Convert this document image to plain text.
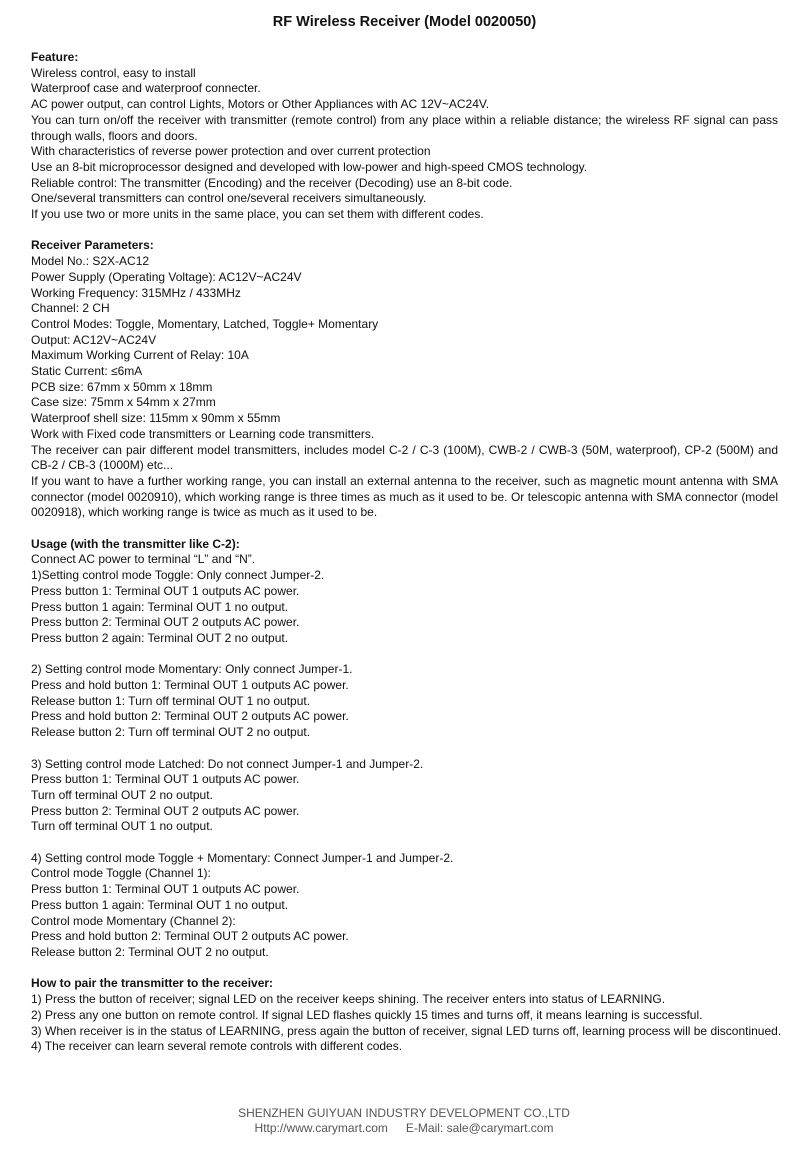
RF Wireless Receiver (Model 0020050)
Feature:
Wireless control, easy to install
Waterproof case and waterproof connecter.
AC power output, can control Lights, Motors or Other Appliances with AC 12V~AC24V.
You can turn on/off the receiver with transmitter (remote control) from any place within a reliable distance; the wireless RF signal can pass through walls, floors and doors.
With characteristics of reverse power protection and over current protection
Use an 8-bit microprocessor designed and developed with low-power and high-speed CMOS technology.
Reliable control: The transmitter (Encoding) and the receiver (Decoding) use an 8-bit code.
One/several transmitters can control one/several receivers simultaneously.
If you use two or more units in the same place, you can set them with different codes.
Receiver Parameters:
Model No.: S2X-AC12
Power Supply (Operating Voltage): AC12V~AC24V
Working Frequency: 315MHz / 433MHz
Channel: 2 CH
Control Modes: Toggle, Momentary, Latched, Toggle+ Momentary
Output: AC12V~AC24V
Maximum Working Current of Relay: 10A
Static Current: ≤6mA
PCB size: 67mm x 50mm x 18mm
Case size: 75mm x 54mm x 27mm
Waterproof shell size: 115mm x 90mm x 55mm
Work with Fixed code transmitters or Learning code transmitters.
The receiver can pair different model transmitters, includes model C-2 / C-3 (100M), CWB-2 / CWB-3 (50M, waterproof), CP-2 (500M) and CB-2 / CB-3 (1000M) etc...
If you want to have a further working range, you can install an external antenna to the receiver, such as magnetic mount antenna with SMA connector (model 0020910), which working range is three times as much as it used to be. Or telescopic antenna with SMA connector (model 0020918), which working range is twice as much as it used to be.
Usage (with the transmitter like C-2):
Connect AC power to terminal “L” and “N”.
1)Setting control mode Toggle: Only connect Jumper-2.
Press button 1: Terminal OUT 1 outputs AC power.
Press button 1 again: Terminal OUT 1 no output.
Press button 2: Terminal OUT 2 outputs AC power.
Press button 2 again: Terminal OUT 2 no output.
2) Setting control mode Momentary: Only connect Jumper-1.
Press and hold button 1: Terminal OUT 1 outputs AC power.
Release button 1: Turn off terminal OUT 1 no output.
Press and hold button 2: Terminal OUT 2 outputs AC power.
Release button 2: Turn off terminal OUT 2 no output.
3) Setting control mode Latched: Do not connect Jumper-1 and Jumper-2.
Press button 1: Terminal OUT 1 outputs AC power.
Turn off terminal OUT 2 no output.
Press button 2: Terminal OUT 2 outputs AC power.
Turn off terminal OUT 1 no output.
4) Setting control mode Toggle + Momentary: Connect Jumper-1 and Jumper-2.
Control mode Toggle (Channel 1):
Press button 1: Terminal OUT 1 outputs AC power.
Press button 1 again: Terminal OUT 1 no output.
Control mode Momentary (Channel 2):
Press and hold button 2: Terminal OUT 2 outputs AC power.
Release button 2: Terminal OUT 2 no output.
How to pair the transmitter to the receiver:
1) Press the button of receiver; signal LED on the receiver keeps shining. The receiver enters into status of LEARNING.
2) Press any one button on remote control. If signal LED flashes quickly 15 times and turns off, it means learning is successful.
3) When receiver is in the status of LEARNING, press again the button of receiver, signal LED turns off, learning process will be discontinued.
4) The receiver can learn several remote controls with different codes.
SHENZHEN GUIYUAN INDUSTRY DEVELOPMENT CO.,LTD
Http://www.carymart.com E-Mail: sale@carymart.com
